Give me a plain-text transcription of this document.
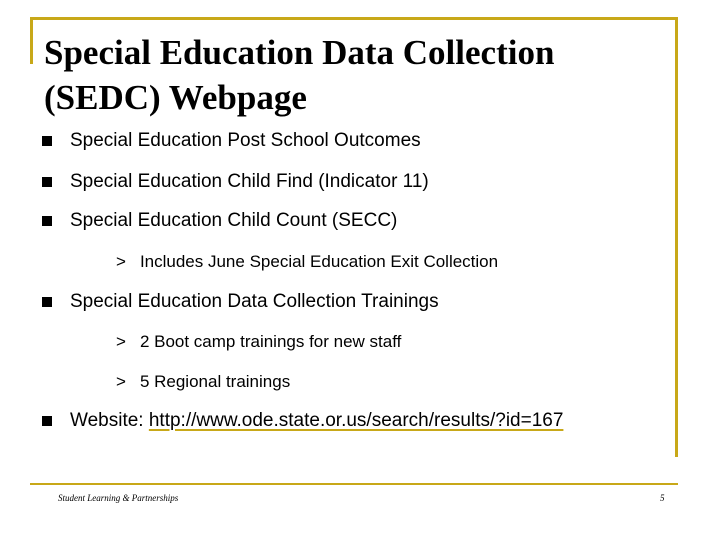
Special Education Data Collection
(SEDC) Webpage
Special Education Post School Outcomes
Special Education Child Find (Indicator 11)
Special Education Child Count (SECC)
> Includes June Special Education Exit Collection
Special Education Data Collection Trainings
> 2 Boot camp trainings for new staff
> 5 Regional trainings
Website: http://www.ode.state.or.us/search/results/?id=167
Student Learning & Partnerships	5
